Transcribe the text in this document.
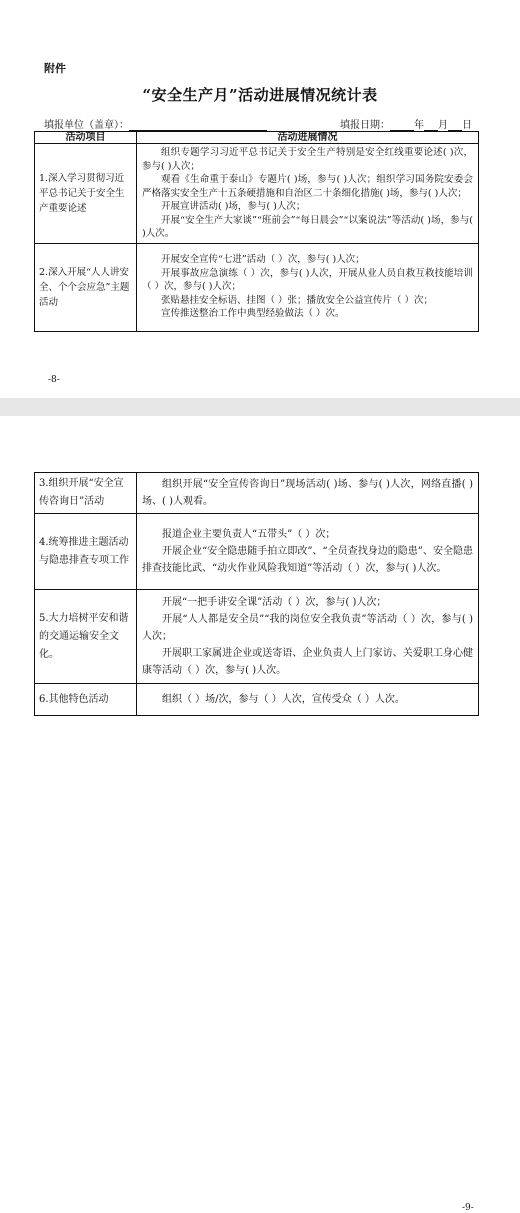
附件
“安全生产月”活动进展情况统计表
填报单位（盖章）：	填报日期： 年 月 日
活动项目	活动进展情况
1.深入学习贯彻习近平总书记关于安全生产重要论述	组织专题学习习近平总书记关于安全生产特别是安全红线重要论述( )次，参与( )人次；

观看《生命重于泰山》专题片( )场，参与( )人次；组织学习国务院安委会严格落实安全生产十五条硬措施和自治区二十条细化措施( )场，参与( )人次；

开展宣讲活动( )场，参与( )人次；

开展“安全生产大家谈”“班前会”“每日晨会”“以案说法”等活动( )场，参与( )人次。

2.深入开展“人人讲安全、个个会应急”主题活动	开展安全宣传“七进”活动（ ）次，参与( )人次；

开展事故应急演练（ ）次，参与( )人次，开展从业人员自救互救技能培训（ ）次，参与( )人次；

张贴悬挂安全标语、挂图（ ）张；播放安全公益宣传片（ ）次；

宣传推送整治工作中典型经验做法（ ）次。

-8-
-9-
3.组织开展“安全宣传咨询日”活动	组织开展“安全宣传咨询日”现场活动( )场、参与( )人次，网络直播( )场、( )人观看。

4.统筹推进主题活动与隐患排查专项工作	报道企业主要负责人“五带头”（ ）次；

开展企业“安全隐患随手拍立即改”、“全员查找身边的隐患”、安全隐患排查技能比武、“动火作业风险我知道”等活动（ ）次，参与( )人次。

5.大力培树平安和谐的交通运输安全文化。	开展“一把手讲安全课”活动（ ）次，参与( )人次；

开展“人人都是安全员”“我的岗位安全我负责”等活动（ ）次，参与( )人次；

开展职工家属进企业或送寄语、企业负责人上门家访、关爱职工身心健康等活动（ ）次，参与( )人次。

6.其他特色活动	组织（ ）场/次，参与（ ）人次，宣传受众（ ）人次。
